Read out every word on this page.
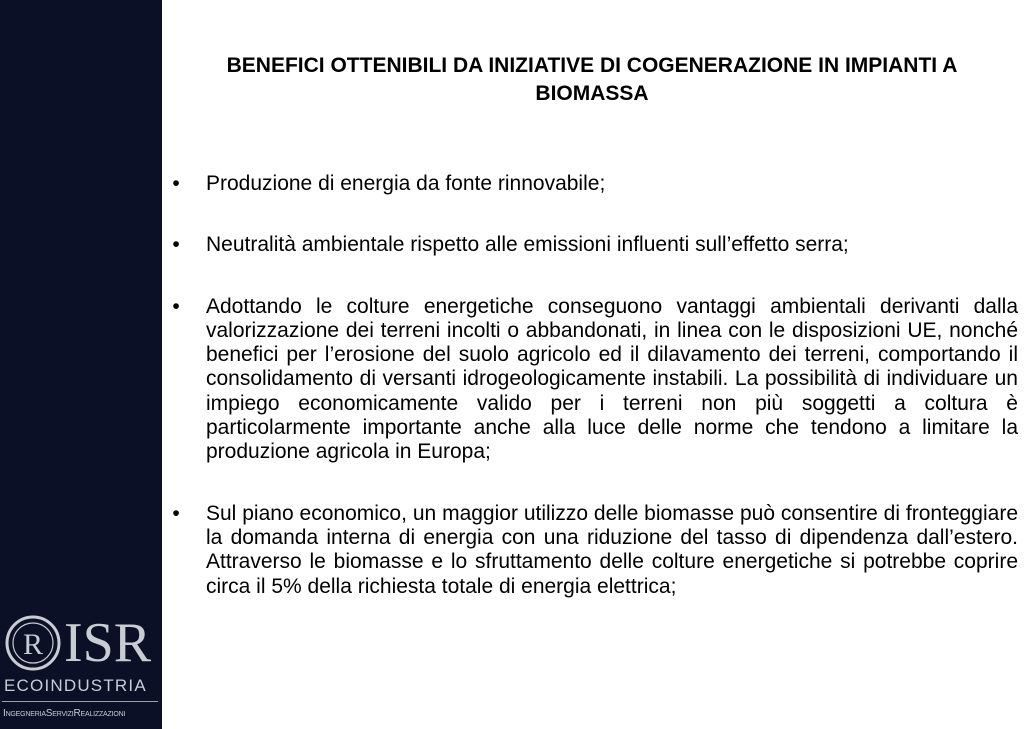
R ISR
ECOINDUSTRIA
IngegneriaServiziRealizzazioni
BENEFICI OTTENIBILI DA INIZIATIVE DI COGENERAZIONE IN IMPIANTI A BIOMASSA
•	Produzione di energia da fonte rinnovabile;
•	Neutralità ambientale rispetto alle emissioni influenti sull’effetto serra;
•	Adottando le colture energetiche conseguono vantaggi ambientali derivanti dalla valorizzazione dei terreni incolti o abbandonati, in linea con le disposizioni UE, nonché benefici per l’erosione del suolo agricolo ed il dilavamento dei terreni, comportando il consolidamento di versanti idrogeologicamente instabili. La possibilità di individuare un impiego economicamente valido per i terreni non più soggetti a coltura è particolarmente importante anche alla luce delle norme che tendono a limitare la produzione agricola in Europa;
•	Sul piano economico, un maggior utilizzo delle biomasse può consentire di fronteggiare la domanda interna di energia con una riduzione del tasso di dipendenza dall’estero. Attraverso le biomasse e lo sfruttamento delle colture energetiche si potrebbe coprire circa il 5% della richiesta totale di energia elettrica;
